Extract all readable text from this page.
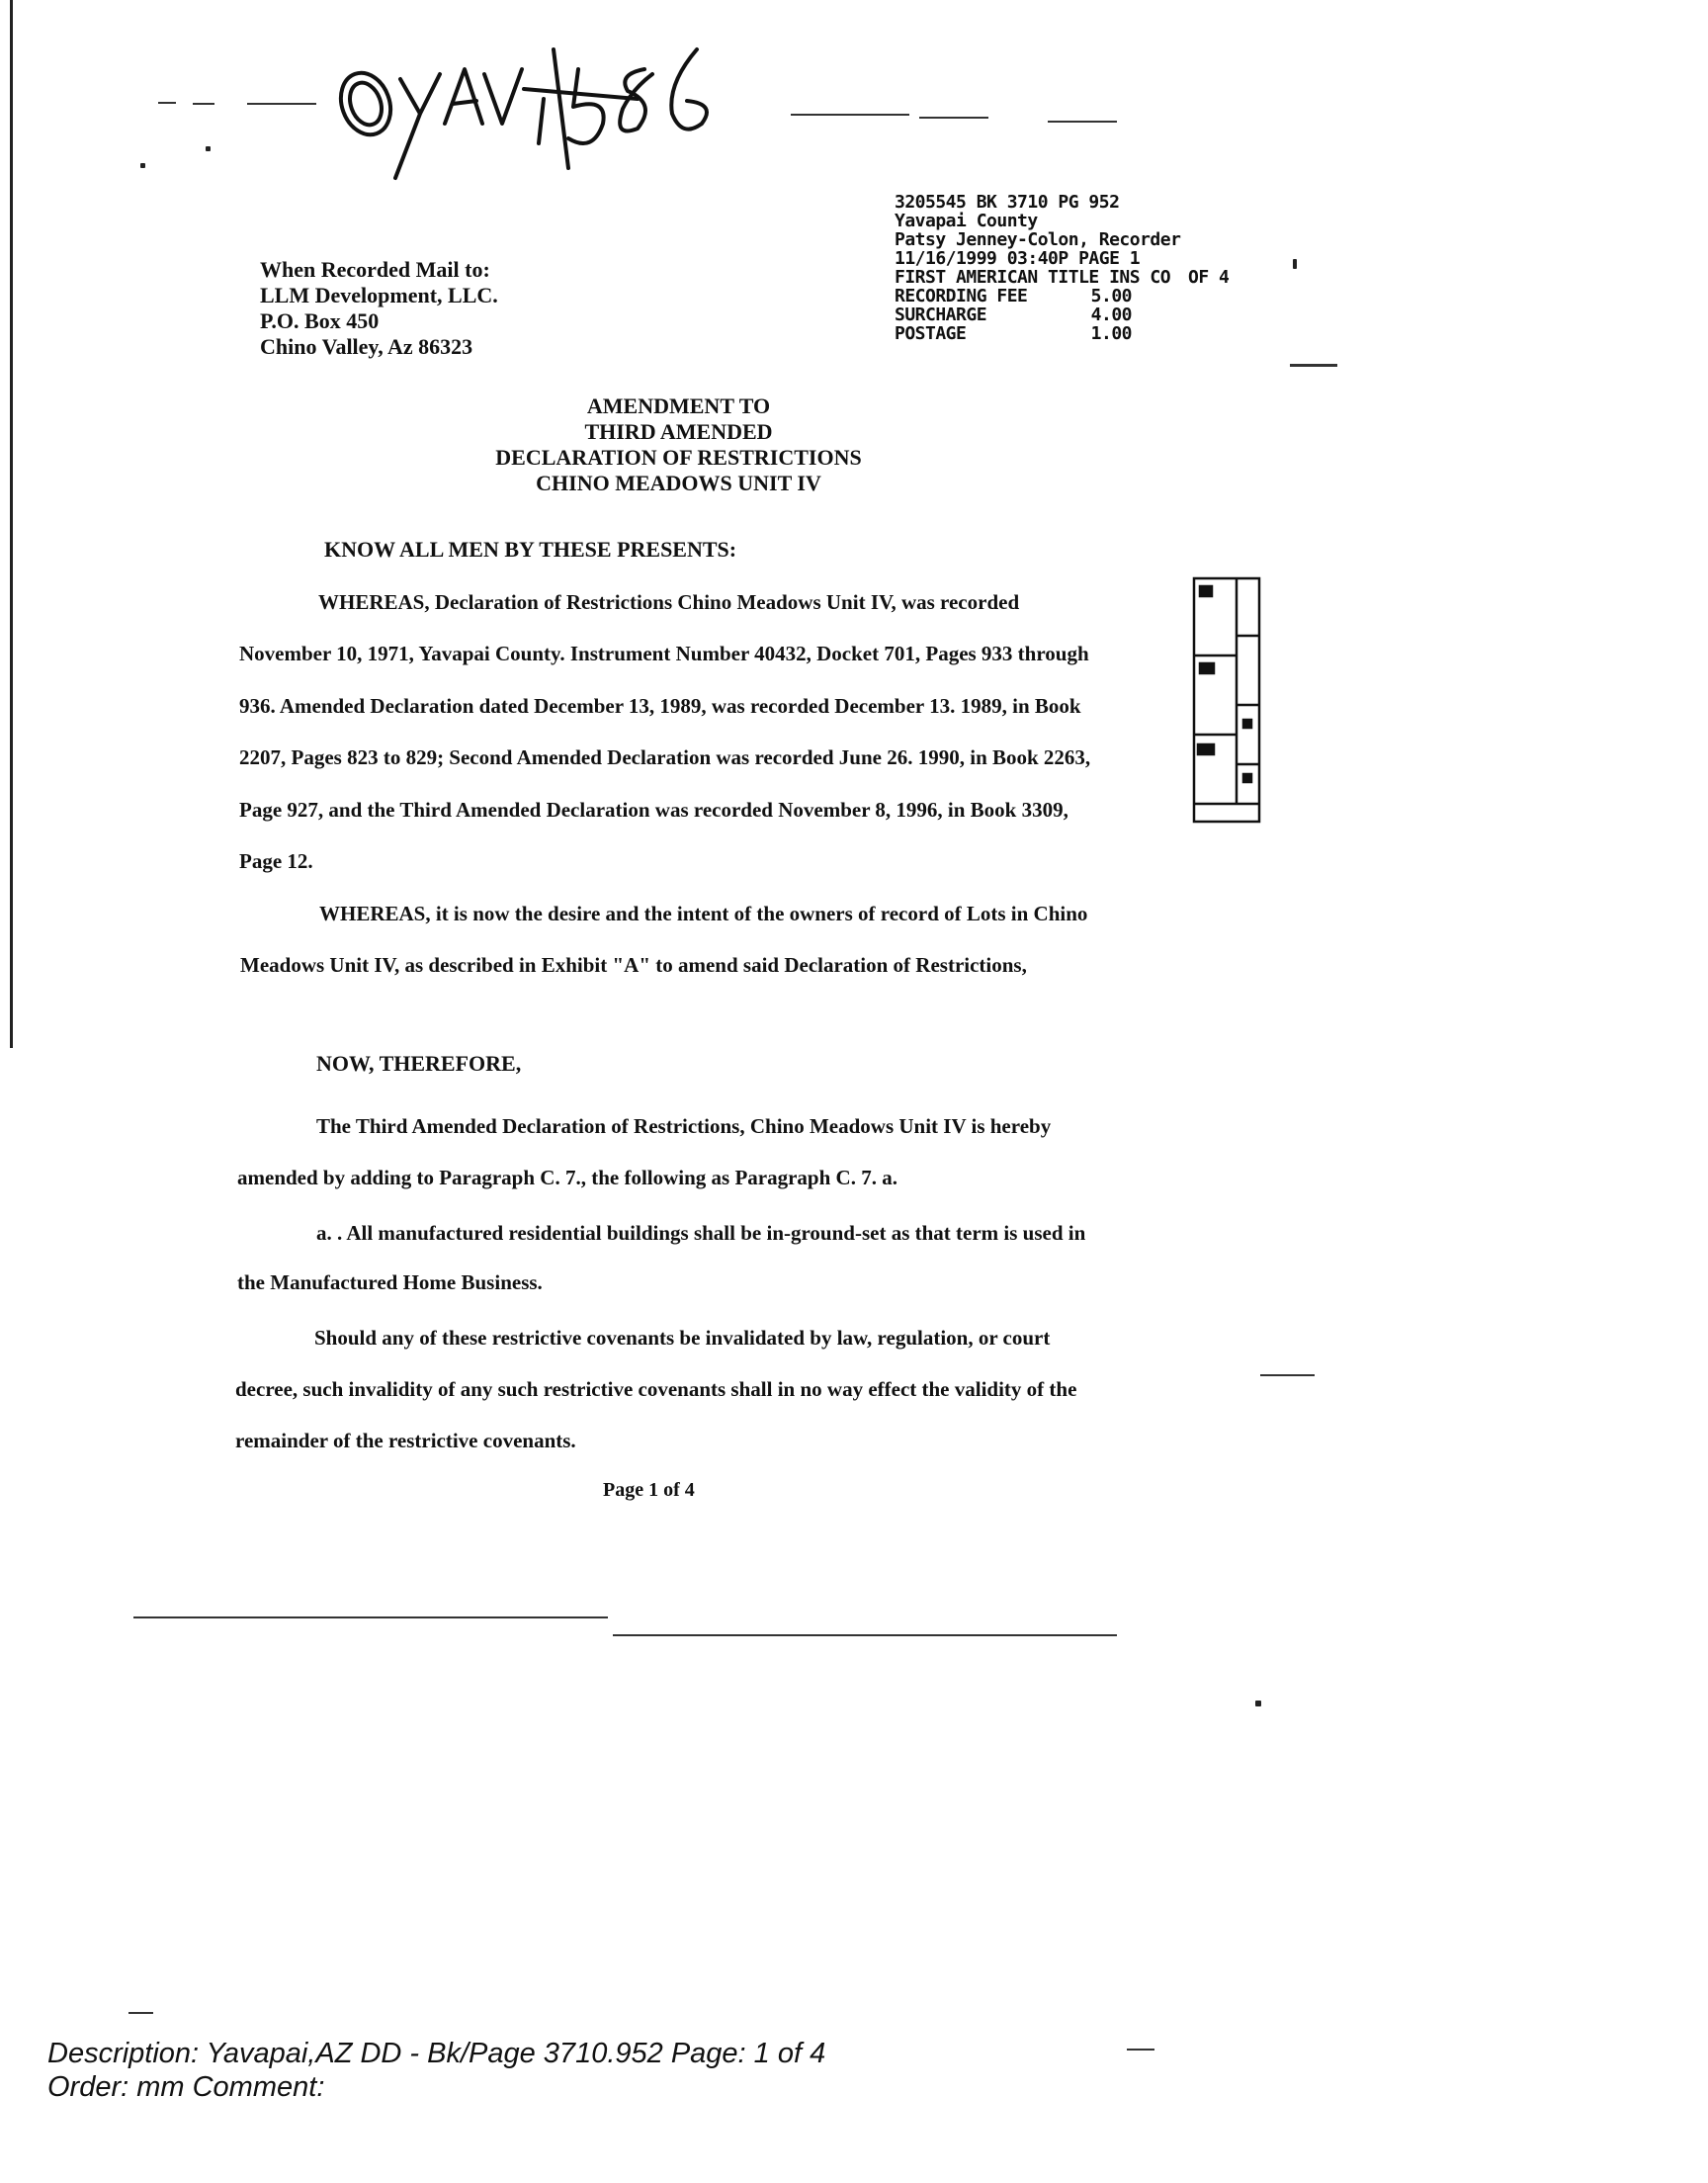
3205545 BK 3710 PG 952
Yavapai County
Patsy Jenney-Colon, Recorder
11/16/1999 03:40P PAGE 1
FIRST AMERICAN TITLE INS CO
RECORDING FEE	5.00
SURCHARGE	4.00
POSTAGE	1.00
OF 4
When Recorded Mail to:
LLM Development, LLC.
P.O. Box 450
Chino Valley, Az 86323
AMENDMENT TO
THIRD AMENDED
DECLARATION OF RESTRICTIONS
CHINO MEADOWS UNIT IV
KNOW ALL MEN BY THESE PRESENTS:

WHEREAS, Declaration of Restrictions Chino Meadows Unit IV, was recorded November 10, 1971, Yavapai County. Instrument Number 40432, Docket 701, Pages 933 through 936. Amended Declaration dated December 13, 1989, was recorded December 13. 1989, in Book 2207, Pages 823 to 829; Second Amended Declaration was recorded June 26. 1990, in Book 2263, Page 927, and the Third Amended Declaration was recorded November 8, 1996, in Book 3309, Page 12.

WHEREAS, it is now the desire and the intent of the owners of record of Lots in Chino Meadows Unit IV, as described in Exhibit "A" to amend said Declaration of Restrictions,

NOW, THEREFORE,

The Third Amended Declaration of Restrictions, Chino Meadows Unit IV is hereby amended by adding to Paragraph C. 7., the following as Paragraph C. 7. a.

a. . All manufactured residential buildings shall be in-ground-set as that term is used in the Manufactured Home Business.

Should any of these restrictive covenants be invalidated by law, regulation, or court decree, such invalidity of any such restrictive covenants shall in no way effect the validity of the remainder of the restrictive covenants.

Page 1 of 4
Description: Yavapai,AZ DD - Bk/Page 3710.952 Page: 1 of 4
Order: mm Comment:
